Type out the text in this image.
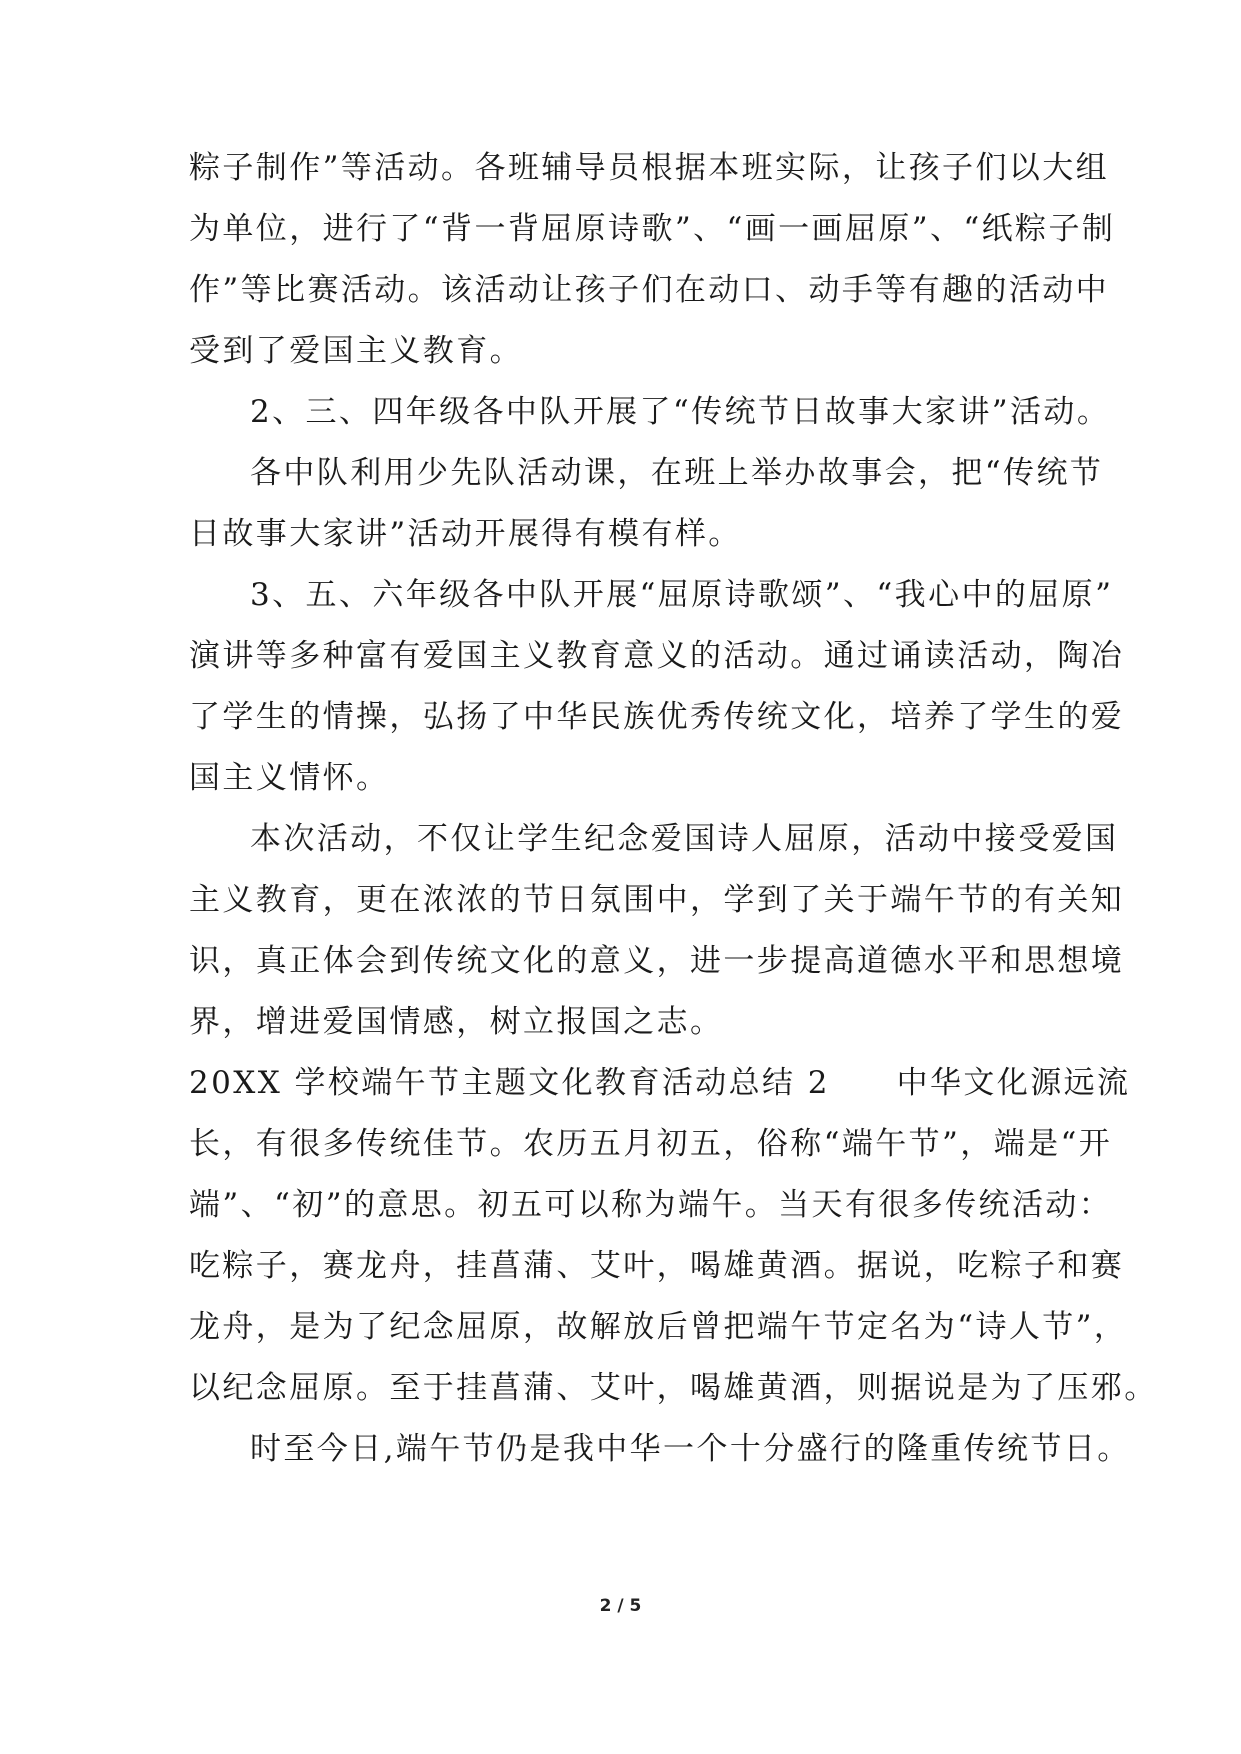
粽子制作”等活动。各班辅导员根据本班实际，让孩子们以大组
为单位，进行了“背一背屈原诗歌”、“画一画屈原”、“纸粽子制
作”等比赛活动。该活动让孩子们在动口、动手等有趣的活动中
受到了爱国主义教育。
2、三、四年级各中队开展了“传统节日故事大家讲”活动。
各中队利用少先队活动课，在班上举办故事会，把“传统节
日故事大家讲”活动开展得有模有样。
3、五、六年级各中队开展“屈原诗歌颂”、“我心中的屈原”
演讲等多种富有爱国主义教育意义的活动。通过诵读活动，陶冶
了学生的情操，弘扬了中华民族优秀传统文化，培养了学生的爱
国主义情怀。
本次活动，不仅让学生纪念爱国诗人屈原，活动中接受爱国
主义教育，更在浓浓的节日氛围中，学到了关于端午节的有关知
识，真正体会到传统文化的意义，进一步提高道德水平和思想境
界，增进爱国情感，树立报国之志。
20XX 学校端午节主题文化教育活动总结 2　　中华文化源远流
长，有很多传统佳节。农历五月初五，俗称“端午节”，端是“开
端”、“初”的意思。初五可以称为端午。当天有很多传统活动：
吃粽子，赛龙舟，挂菖蒲、艾叶，喝雄黄酒。据说，吃粽子和赛
龙舟，是为了纪念屈原，故解放后曾把端午节定名为“诗人节”，
以纪念屈原。至于挂菖蒲、艾叶，喝雄黄酒，则据说是为了压邪。
时至今日,端午节仍是我中华一个十分盛行的隆重传统节日。
2 / 5
